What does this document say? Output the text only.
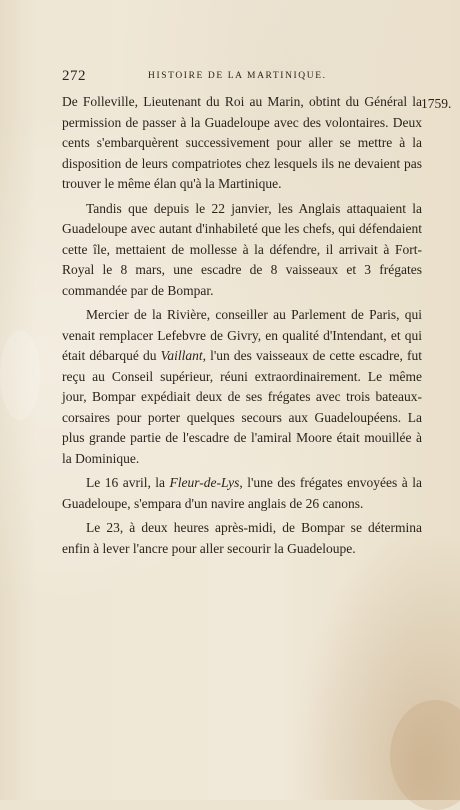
272	HISTOIRE DE LA MARTINIQUE.
1759.

De Folleville, Lieutenant du Roi au Marin, obtint du Général la permission de passer à la Guadeloupe avec des volontaires. Deux cents s'embarquèrent successivement pour aller se mettre à la disposition de leurs compatriotes chez lesquels ils ne devaient pas trouver le même élan qu'à la Martinique.

Tandis que depuis le 22 janvier, les Anglais attaquaient la Guadeloupe avec autant d'inhabileté que les chefs, qui défendaient cette île, mettaient de mollesse à la défendre, il arrivait à Fort-Royal le 8 mars, une escadre de 8 vaisseaux et 3 frégates commandée par de Bompar.

Mercier de la Rivière, conseiller au Parlement de Paris, qui venait remplacer Lefebvre de Givry, en qualité d'Intendant, et qui était débarqué du Vaillant, l'un des vaisseaux de cette escadre, fut reçu au Conseil supérieur, réuni extraordinairement. Le même jour, Bompar expédiait deux de ses frégates avec trois bateaux-corsaires pour porter quelques secours aux Guadeloupéens. La plus grande partie de l'escadre de l'amiral Moore était mouillée à la Dominique.

Le 16 avril, la Fleur-de-Lys, l'une des frégates envoyées à la Guadeloupe, s'empara d'un navire anglais de 26 canons.

Le 23, à deux heures après-midi, de Bompar se détermina enfin à lever l'ancre pour aller secourir la Guadeloupe.
